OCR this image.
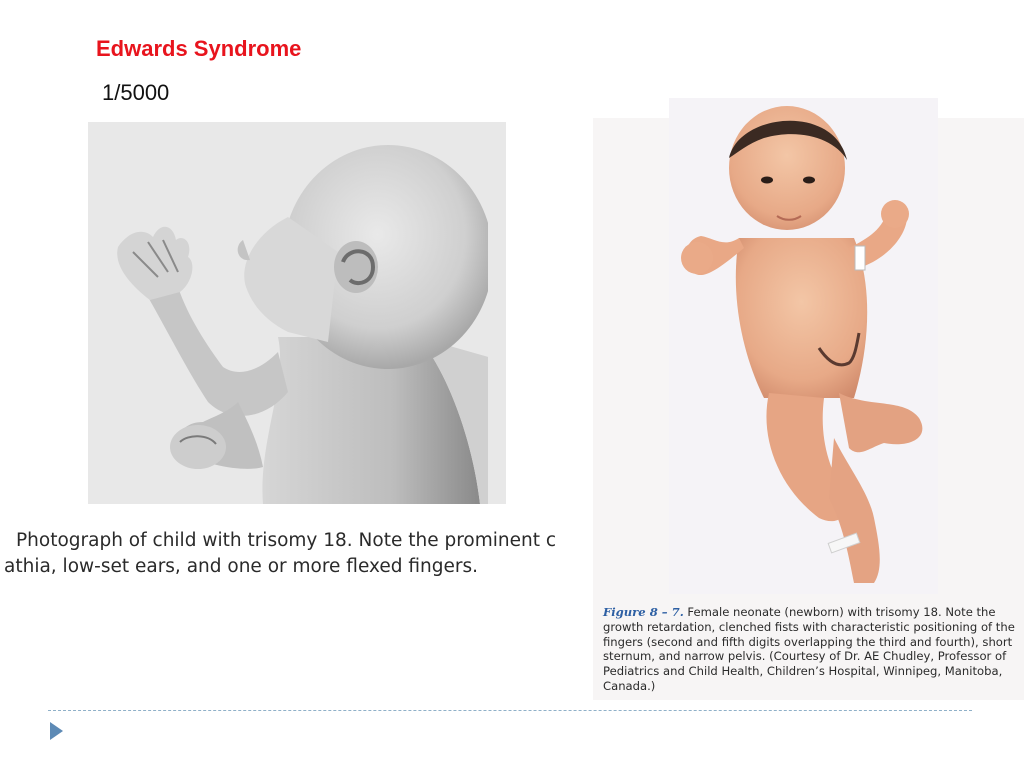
Edwards Syndrome
1/5000
Photograph of child with trisomy 18. Note the prominent c
athia, low-set ears, and one or more flexed fingers.
Figure 8 – 7. Female neonate (newborn) with trisomy 18. Note the
growth retardation, clenched fists with characteristic positioning of the
fingers (second and fifth digits overlapping the third and fourth), short
sternum, and narrow pelvis. (Courtesy of Dr. AE Chudley, Professor of
Pediatrics and Child Health, Children’s Hospital, Winnipeg, Manitoba,
Canada.)
